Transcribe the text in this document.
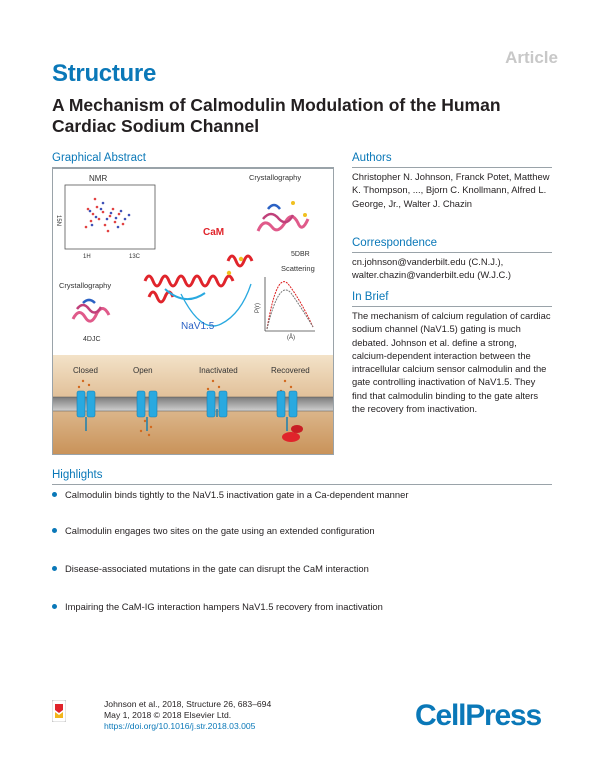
Article
Structure
A Mechanism of Calmodulin Modulation of the Human Cardiac Sodium Channel
Graphical Abstract
NMR
15N
1H	13C
Crystallography
5DBR
CaM
NaV1.5
Crystallography
4DJC
Scattering
P(r)
(Å)
Closed	Open	Inactivated	Recovered
Authors
Christopher N. Johnson, Franck Potet, Matthew K. Thompson, ..., Bjorn C. Knollmann, Alfred L. George, Jr., Walter J. Chazin
Correspondence
cn.johnson@vanderbilt.edu (C.N.J.),
walter.chazin@vanderbilt.edu (W.J.C.)
In Brief
The mechanism of calcium regulation of cardiac sodium channel (NaV1.5) gating is much debated. Johnson et al. define a strong, calcium-dependent interaction between the intracellular calcium sensor calmodulin and the gate controlling inactivation of NaV1.5. They find that calmodulin binding to the gate alters the recovery from inactivation.
Highlights
Calmodulin binds tightly to the NaV1.5 inactivation gate in a Ca-dependent manner
Calmodulin engages two sites on the gate using an extended configuration
Disease-associated mutations in the gate can disrupt the CaM interaction
Impairing the CaM-IG interaction hampers NaV1.5 recovery from inactivation
Johnson et al., 2018, Structure 26, 683–694
May 1, 2018 © 2018 Elsevier Ltd.
https://doi.org/10.1016/j.str.2018.03.005	CellPress
